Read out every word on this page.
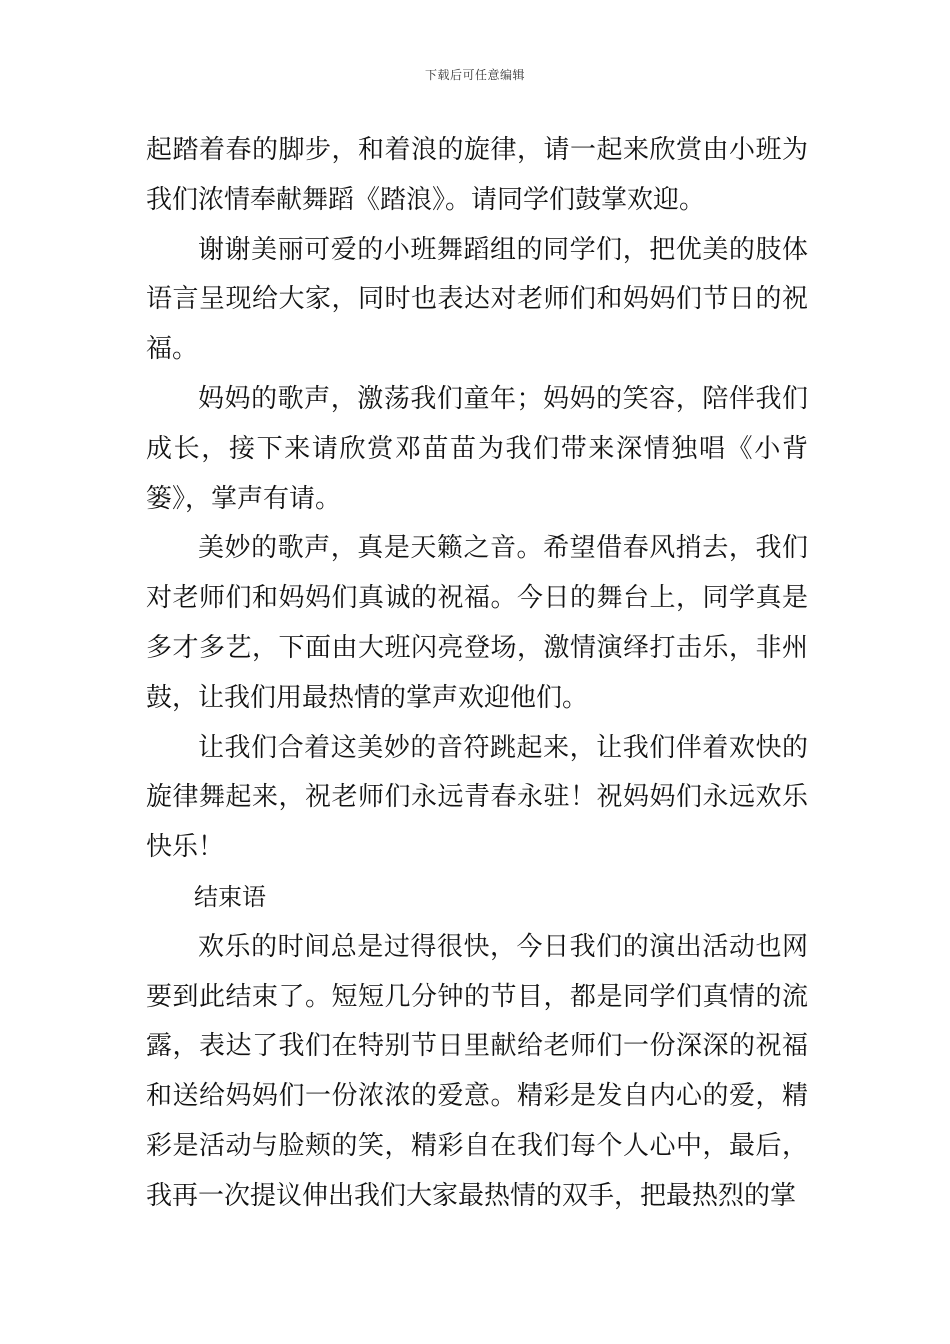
下载后可任意编辑

起踏着春的脚步，和着浪的旋律，请一起来欣赏由小班为我们浓情奉献舞蹈《踏浪》。请同学们鼓掌欢迎。

谢谢美丽可爱的小班舞蹈组的同学们，把优美的肢体语言呈现给大家，同时也表达对老师们和妈妈们节日的祝福。

妈妈的歌声，激荡我们童年；妈妈的笑容，陪伴我们成长，接下来请欣赏邓苗苗为我们带来深情独唱《小背篓》，掌声有请。

美妙的歌声，真是天籁之音。希望借春风捎去，我们对老师们和妈妈们真诚的祝福。今日的舞台上，同学真是多才多艺，下面由大班闪亮登场，激情演绎打击乐，非州鼓，让我们用最热情的掌声欢迎他们。

让我们合着这美妙的音符跳起来，让我们伴着欢快的旋律舞起来，祝老师们永远青春永驻！祝妈妈们永远欢乐快乐！

结束语

欢乐的时间总是过得很快，今日我们的演出活动也网要到此结束了。短短几分钟的节目，都是同学们真情的流露，表达了我们在特别节日里献给老师们一份深深的祝福和送给妈妈们一份浓浓的爱意。精彩是发自内心的爱，精彩是活动与脸颊的笑，精彩自在我们每个人心中，最后，我再一次提议伸出我们大家最热情的双手，把最热烈的掌
